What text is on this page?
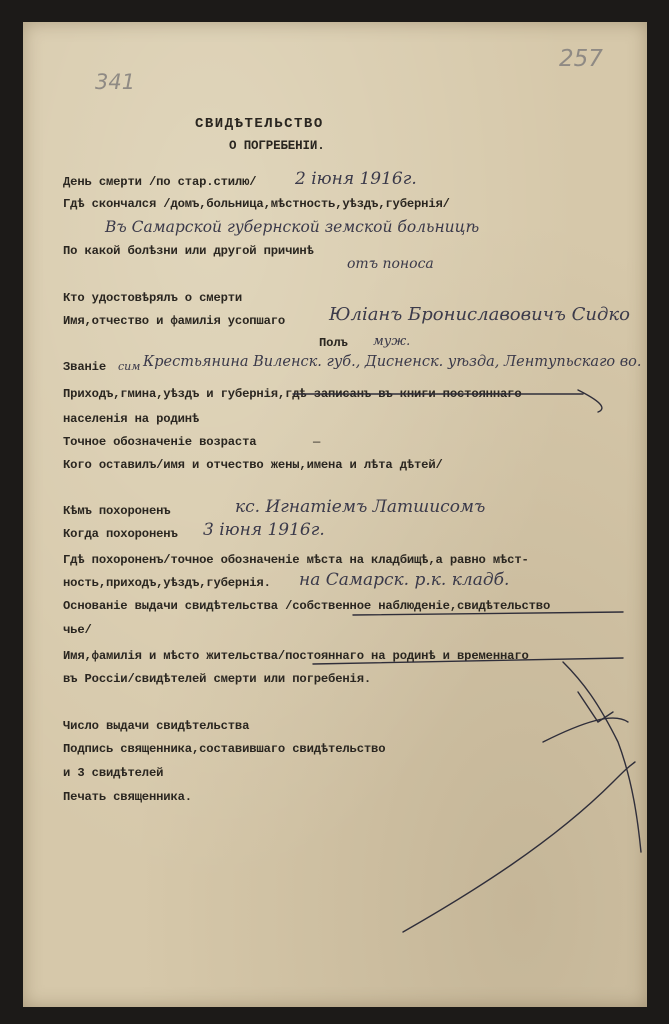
341
257
СВИДѢТЕЛЬСТВО
О ПОГРЕБЕНІИ.
День смерти /по стар.стилю/ 2 іюня 1916г.
Гдѣ скончался /домъ,больница,мѣстность,уѣздъ,губернія/
Въ Самарской губернской земской больницѣ
По какой болѣзни или другой причинѣ
отъ поноса
Кто удостовѣрялъ о смерти
Имя,отчество и фамилія усопшаго Юліанъ Брониславовичъ Сидко
Полъ муж.
Званіе сим Крестьянина Виленск. губ., Дисненск. уѣзда, Лентупьскаго во.
Приходъ,гмина,уѣздъ и губернія,гдѣ записанъ въ книги постояннаго
населенія на родинѣ
Точное обозначеніе возраста	—
Кого оставилъ/имя и отчество жены,имена и лѣта дѣтей/
Кѣмъ похороненъ	кс. Игнатіемъ Латшисомъ
Когда похороненъ 3 іюня 1916г.
Гдѣ похороненъ/точное обозначеніе мѣста на кладбищѣ,а равно мѣст-
ность,приходъ,уѣздъ,губернія. на Самарск. р.к. кладб.
Основаніе выдачи свидѣтельства /собственное наблюденіе,свидѣтельство
чье/
Имя,фамилія и мѣсто жительства/постояннаго на родинѣ и временнаго
въ Россіи/свидѣтелей смерти или погребенія.
Число выдачи свидѣтельства
Подпись священника,составившаго свидѣтельство
и 3 свидѣтелей
Печать священника.
